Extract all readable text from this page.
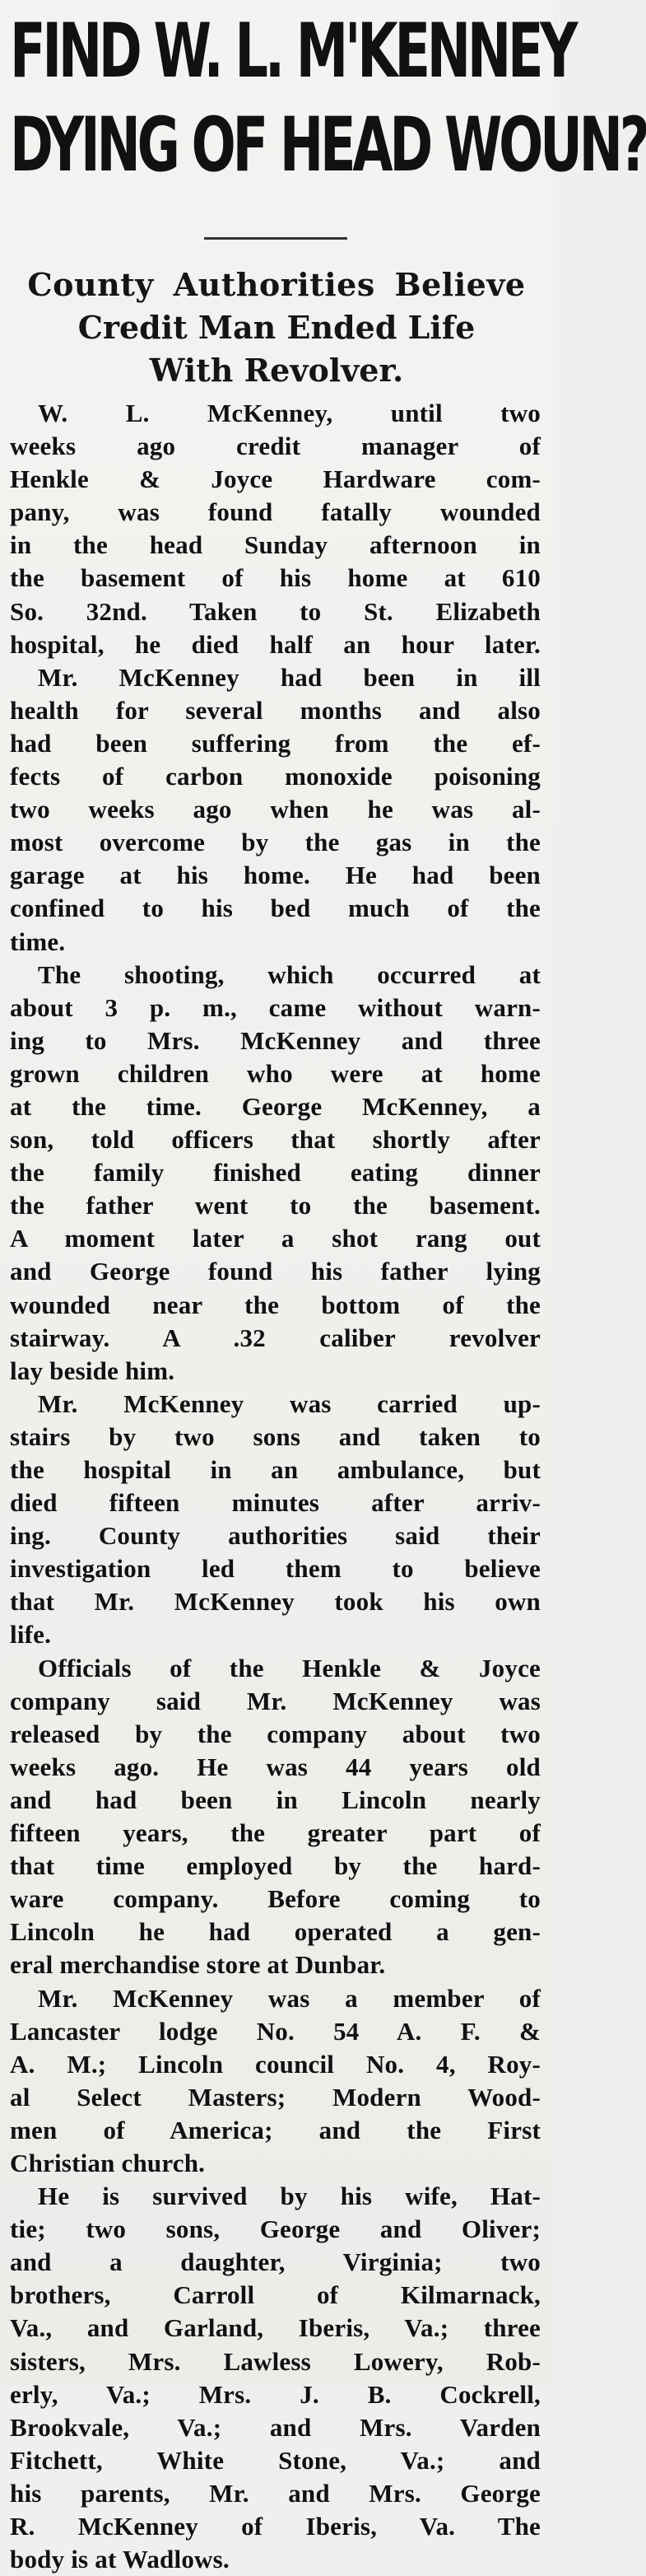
FIND W. L. M'KENNEY
DYING OF HEAD WOUN?
County Authorities Believe
Credit Man Ended Life
With Revolver.
W. L. McKenney, until two
weeks ago credit manager of
Henkle & Joyce Hardware com-
pany, was found fatally wounded
in the head Sunday afternoon in
the basement of his home at 610
So. 32nd. Taken to St. Elizabeth
hospital, he died half an hour later.
Mr. McKenney had been in ill
health for several months and also
had been suffering from the ef-
fects of carbon monoxide poisoning
two weeks ago when he was al-
most overcome by the gas in the
garage at his home. He had been
confined to his bed much of the
time.
The shooting, which occurred at
about 3 p. m., came without warn-
ing to Mrs. McKenney and three
grown children who were at home
at the time. George McKenney, a
son, told officers that shortly after
the family finished eating dinner
the father went to the basement.
A moment later a shot rang out
and George found his father lying
wounded near the bottom of the
stairway. A .32 caliber revolver
lay beside him.
Mr. McKenney was carried up-
stairs by two sons and taken to
the hospital in an ambulance, but
died fifteen minutes after arriv-
ing. County authorities said their
investigation led them to believe
that Mr. McKenney took his own
life.
Officials of the Henkle & Joyce
company said Mr. McKenney was
released by the company about two
weeks ago. He was 44 years old
and had been in Lincoln nearly
fifteen years, the greater part of
that time employed by the hard-
ware company. Before coming to
Lincoln he had operated a gen-
eral merchandise store at Dunbar.
Mr. McKenney was a member of
Lancaster lodge No. 54 A. F. &
A. M.; Lincoln council No. 4, Roy-
al Select Masters; Modern Wood-
men of America; and the First
Christian church.
He is survived by his wife, Hat-
tie; two sons, George and Oliver;
and a daughter, Virginia; two
brothers, Carroll of Kilmarnack,
Va., and Garland, Iberis, Va.; three
sisters, Mrs. Lawless Lowery, Rob-
erly, Va.; Mrs. J. B. Cockrell,
Brookvale, Va.; and Mrs. Varden
Fitchett, White Stone, Va.; and
his parents, Mr. and Mrs. George
R. McKenney of Iberis, Va. The
body is at Wadlows.
